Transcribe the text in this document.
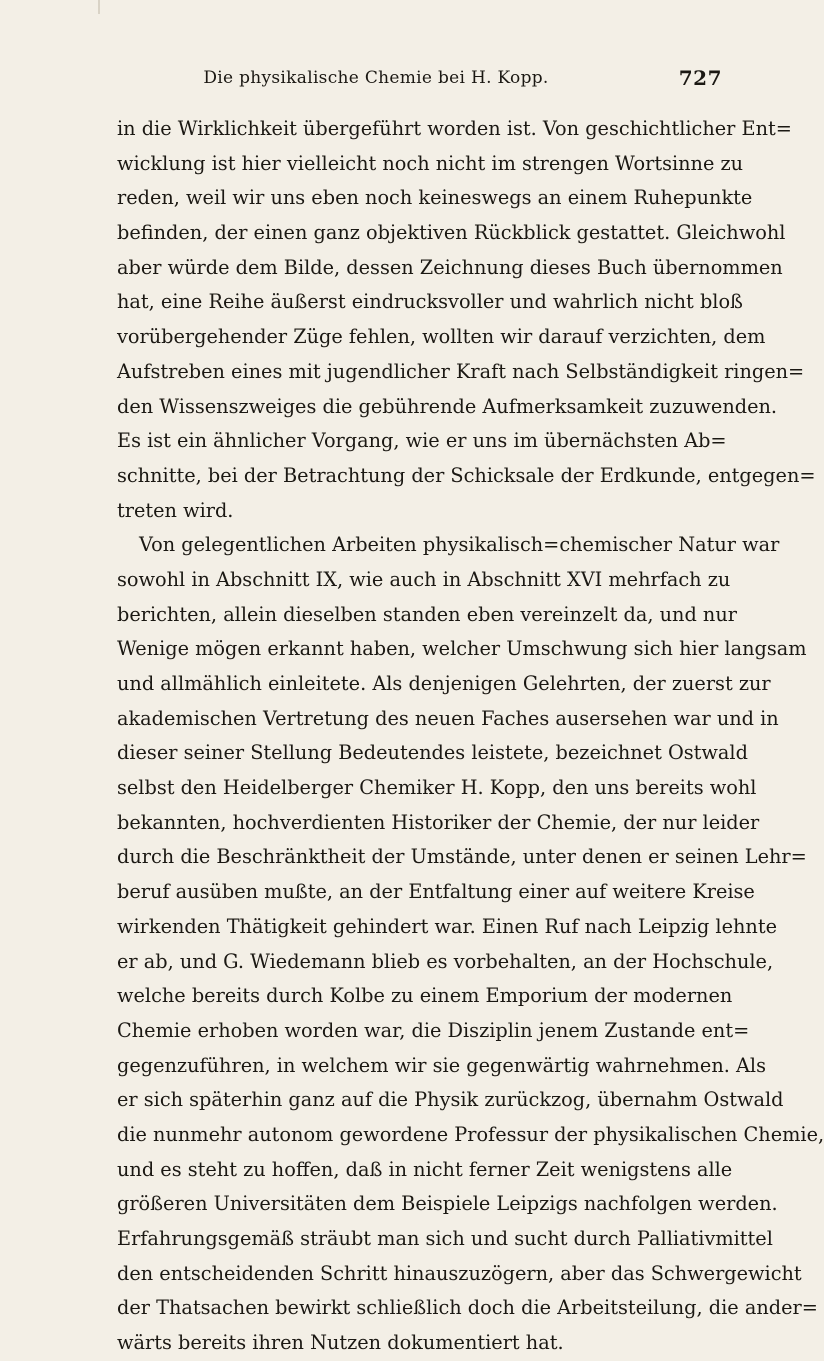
Die physikalische Chemie bei H. Kopp.	727
in die Wirklichkeit übergeführt worden ist. Von geschichtlicher Ent=
wicklung ist hier vielleicht noch nicht im strengen Wortsinne zu
reden, weil wir uns eben noch keineswegs an einem Ruhepunkte
befinden, der einen ganz objektiven Rückblick gestattet. Gleichwohl
aber würde dem Bilde, dessen Zeichnung dieses Buch übernommen
hat, eine Reihe äußerst eindrucksvoller und wahrlich nicht bloß
vorübergehender Züge fehlen, wollten wir darauf verzichten, dem
Aufstreben eines mit jugendlicher Kraft nach Selbständigkeit ringen=
den Wissenszweiges die gebührende Aufmerksamkeit zuzuwenden.
Es ist ein ähnlicher Vorgang, wie er uns im übernächsten Ab=
schnitte, bei der Betrachtung der Schicksale der Erdkunde, entgegen=
treten wird.
Von gelegentlichen Arbeiten physikalisch=chemischer Natur war
sowohl in Abschnitt IX, wie auch in Abschnitt XVI mehrfach zu
berichten, allein dieselben standen eben vereinzelt da, und nur
Wenige mögen erkannt haben, welcher Umschwung sich hier langsam
und allmählich einleitete. Als denjenigen Gelehrten, der zuerst zur
akademischen Vertretung des neuen Faches ausersehen war und in
dieser seiner Stellung Bedeutendes leistete, bezeichnet Ostwald
selbst den Heidelberger Chemiker H. Kopp, den uns bereits wohl
bekannten, hochverdienten Historiker der Chemie, der nur leider
durch die Beschränktheit der Umstände, unter denen er seinen Lehr=
beruf ausüben mußte, an der Entfaltung einer auf weitere Kreise
wirkenden Thätigkeit gehindert war. Einen Ruf nach Leipzig lehnte
er ab, und G. Wiedemann blieb es vorbehalten, an der Hochschule,
welche bereits durch Kolbe zu einem Emporium der modernen
Chemie erhoben worden war, die Disziplin jenem Zustande ent=
gegenzuführen, in welchem wir sie gegenwärtig wahrnehmen. Als
er sich späterhin ganz auf die Physik zurückzog, übernahm Ostwald
die nunmehr autonom gewordene Professur der physikalischen Chemie,
und es steht zu hoffen, daß in nicht ferner Zeit wenigstens alle
größeren Universitäten dem Beispiele Leipzigs nachfolgen werden.
Erfahrungsgemäß sträubt man sich und sucht durch Palliativmittel
den entscheidenden Schritt hinauszuzögern, aber das Schwergewicht
der Thatsachen bewirkt schließlich doch die Arbeitsteilung, die ander=
wärts bereits ihren Nutzen dokumentiert hat.
